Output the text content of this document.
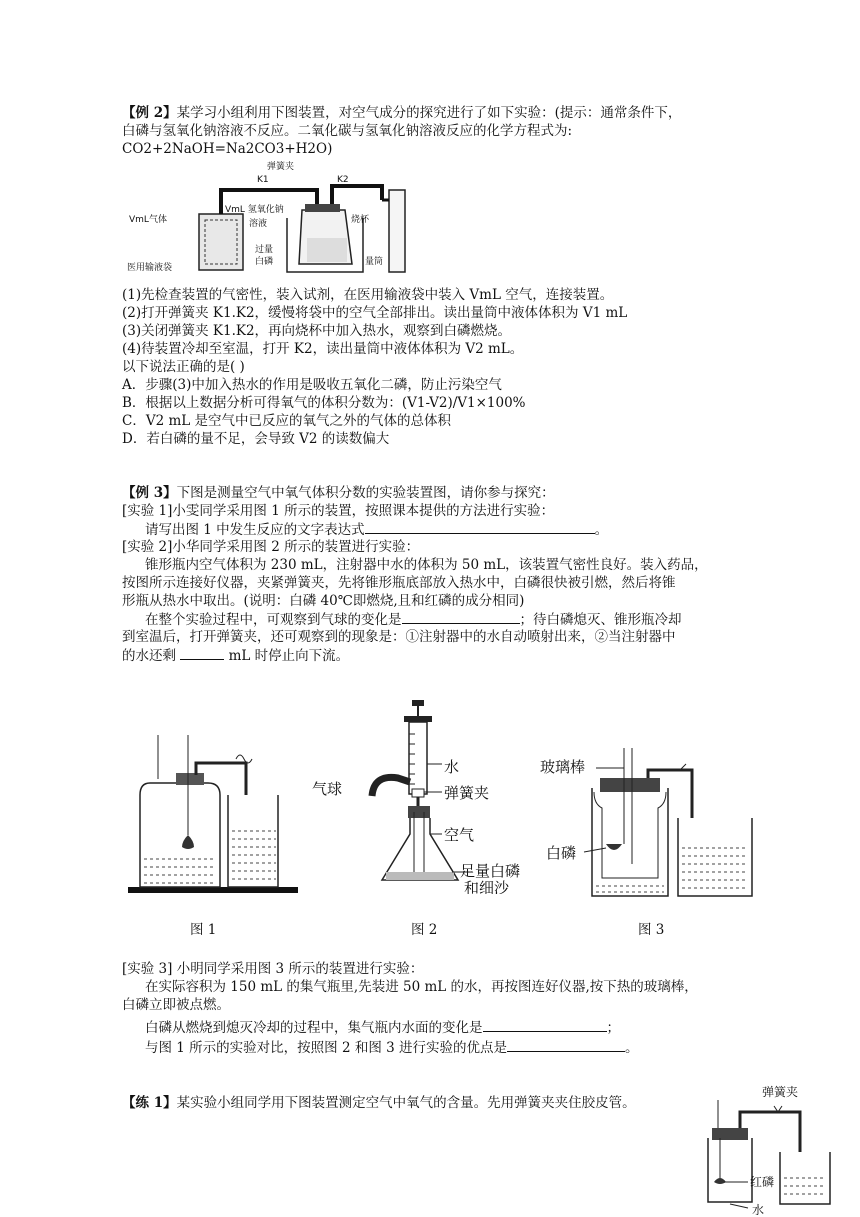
【例 2】某学习小组利用下图装置，对空气成分的探究进行了如下实验：(提示：通常条件下，
白磷与氢氧化钠溶液不反应。二氧化碳与氢氧化钠溶液反应的化学方程式为:
CO2+2NaOH=Na2CO3+H2O)
弹簧夹
K1	K2
VmL气体
医用输液袋
VmL 氢氧化钠
溶液
过量
白磷
烧杯
量筒
(1)先检查装置的气密性，装入试剂，在医用输液袋中装入 VmL 空气，连接装置。
(2)打开弹簧夹 K1.K2，缓慢将袋中的空气全部排出。读出量筒中液体体积为 V1 mL
(3)关闭弹簧夹 K1.K2，再向烧杯中加入热水，观察到白磷燃烧。
(4)待装置冷却至室温，打开 K2，读出量筒中液体体积为 V2 mL。
以下说法正确的是( )
A．步骤(3)中加入热水的作用是吸收五氧化二磷，防止污染空气
B．根据以上数据分析可得氧气的体积分数为：(V1-V2)/V1×100%
C．V2 mL 是空气中已反应的氧气之外的气体的总体积
D．若白磷的量不足，会导致 V2 的读数偏大
【例 3】下图是测量空气中氧气体积分数的实验装置图，请你参与探究：
[实验 1]小雯同学采用图 1 所示的装置，按照课本提供的方法进行实验：
请写出图 1 中发生反应的文字表达式	。
[实验 2]小华同学采用图 2 所示的装置进行实验：
锥形瓶内空气体积为 230 mL，注射器中水的体积为 50 mL，该装置气密性良好。装入药品，
按图所示连接好仪器，夹紧弹簧夹，先将锥形瓶底部放入热水中，白磷很快被引燃，然后将锥
形瓶从热水中取出。(说明：白磷 40℃即燃烧,且和红磷的成分相同)
在整个实验过程中，可观察到气球的变化是	；待白磷熄灭、锥形瓶冷却
到室温后，打开弹簧夹，还可观察到的现象是：①注射器中的水自动喷射出来，②当注射器中
的水还剩	mL 时停止向下流。
水
气球	弹簧夹
空气
足量白磷
和细沙
玻璃棒
白磷
图 1	图 2	图 3
[实验 3] 小明同学采用图 3 所示的装置进行实验：
在实际容积为 150 mL 的集气瓶里,先装进 50 mL 的水，再按图连好仪器,按下热的玻璃棒，
白磷立即被点燃。
白磷从燃烧到熄灭冷却的过程中，集气瓶内水面的变化是	；
与图 1 所示的实验对比，按照图 2 和图 3 进行实验的优点是	。
【练 1】某实验小组同学用下图装置测定空气中氧气的含量。先用弹簧夹夹住胶皮管。
弹簧夹
红磷
水
